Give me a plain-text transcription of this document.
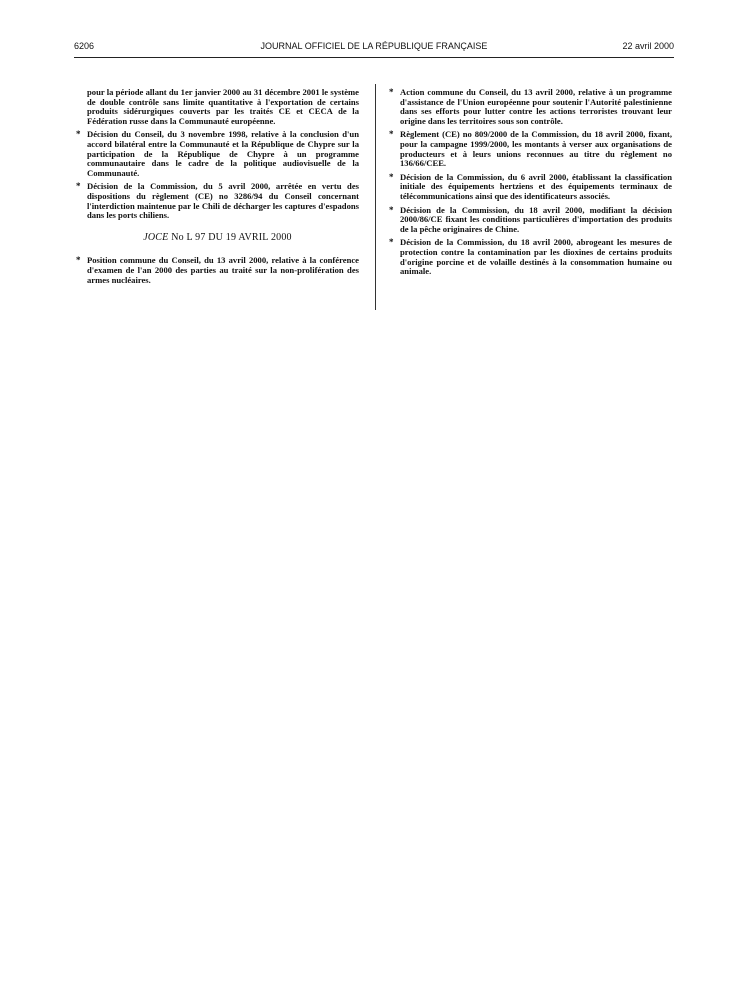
6206	JOURNAL OFFICIEL DE LA RÉPUBLIQUE FRANÇAISE	22 avril 2000
pour la période allant du 1er janvier 2000 au 31 décembre 2001 le système de double contrôle sans limite quantitative à l'exportation de certains produits sidérurgiques couverts par les traités CE et CECA de la Fédération russe dans la Communauté européenne.
* Décision du Conseil, du 3 novembre 1998, relative à la conclusion d'un accord bilatéral entre la Communauté et la République de Chypre sur la participation de la République de Chypre à un programme communautaire dans le cadre de la politique audiovisuelle de la Communauté.
* Décision de la Commission, du 5 avril 2000, arrêtée en vertu des dispositions du règlement (CE) no 3286/94 du Conseil concernant l'interdiction maintenue par le Chili de décharger les captures d'espadons dans les ports chiliens.
JOCE No L 97 DU 19 AVRIL 2000
* Position commune du Conseil, du 13 avril 2000, relative à la conférence d'examen de l'an 2000 des parties au traité sur la non-prolifération des armes nucléaires.
* Action commune du Conseil, du 13 avril 2000, relative à un programme d'assistance de l'Union européenne pour soutenir l'Autorité palestinienne dans ses efforts pour lutter contre les actions terroristes trouvant leur origine dans les territoires sous son contrôle.
* Règlement (CE) no 809/2000 de la Commission, du 18 avril 2000, fixant, pour la campagne 1999/2000, les montants à verser aux organisations de producteurs et à leurs unions reconnues au titre du règlement no 136/66/CEE.
* Décision de la Commission, du 6 avril 2000, établissant la classification initiale des équipements hertziens et des équipements terminaux de télécommunications ainsi que des identificateurs associés.
* Décision de la Commission, du 18 avril 2000, modifiant la décision 2000/86/CE fixant les conditions particulières d'importation des produits de la pêche originaires de Chine.
* Décision de la Commission, du 18 avril 2000, abrogeant les mesures de protection contre la contamination par les dioxines de certains produits d'origine porcine et de volaille destinés à la consommation humaine ou animale.
